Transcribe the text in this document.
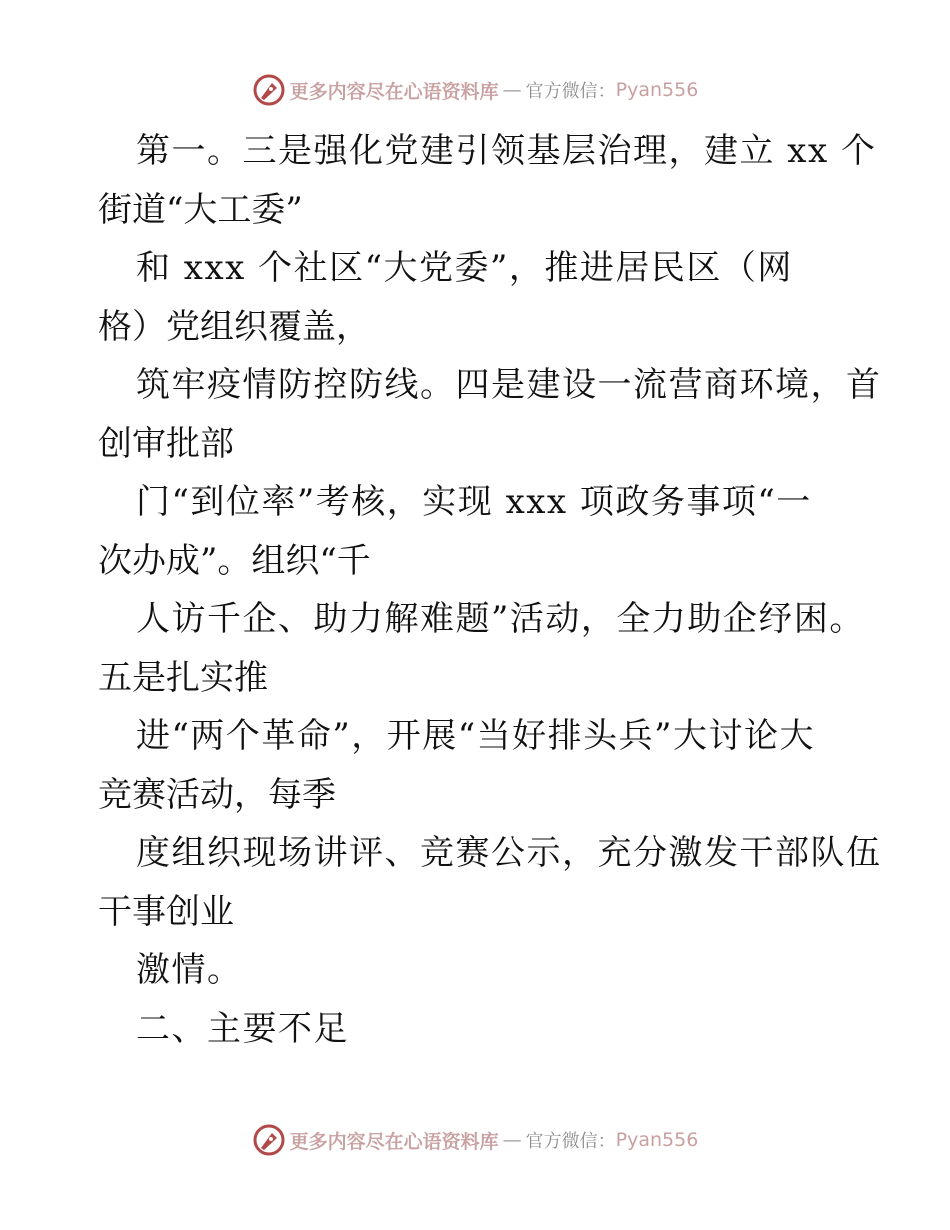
更多内容尽在心语资料库 — 官方微信： Pyan556
第一。三是强化党建引领基层治理，建立 xx 个
街道“大工委”
和 xxx 个社区“大党委”，推进居民区（网
格）党组织覆盖，
筑牢疫情防控防线。四是建设一流营商环境，首
创审批部
门“到位率”考核，实现 xxx 项政务事项“一
次办成”。组织“千
人访千企、助力解难题”活动，全力助企纾困。
五是扎实推
进“两个革命”，开展“当好排头兵”大讨论大
竞赛活动，每季
度组织现场讲评、竞赛公示，充分激发干部队伍
干事创业
激情。
二、主要不足
更多内容尽在心语资料库 — 官方微信： Pyan556
